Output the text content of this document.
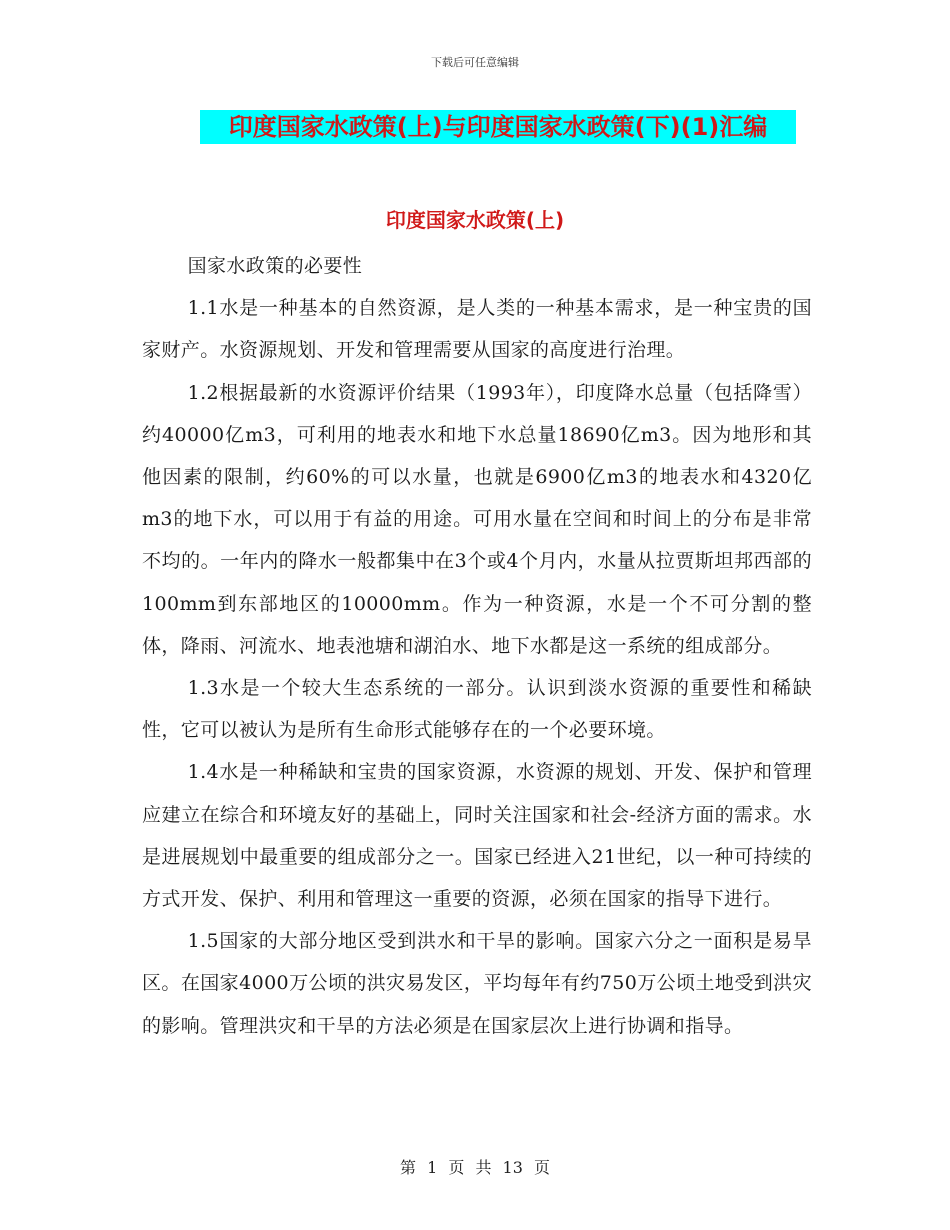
下载后可任意编辑
印度国家水政策(上)与印度国家水政策(下)(1)汇编
印度国家水政策(上)

国家水政策的必要性

1.1水是一种基本的自然资源，是人类的一种基本需求，是一种宝贵的国家财产。水资源规划、开发和管理需要从国家的高度进行治理。

1.2根据最新的水资源评价结果（1993年），印度降水总量（包括降雪）约40000亿m3，可利用的地表水和地下水总量18690亿m3。因为地形和其他因素的限制，约60%的可以水量，也就是6900亿m3的地表水和4320亿m3的地下水，可以用于有益的用途。可用水量在空间和时间上的分布是非常不均的。一年内的降水一般都集中在3个或4个月内，水量从拉贾斯坦邦西部的100mm到东部地区的10000mm。作为一种资源，水是一个不可分割的整体，降雨、河流水、地表池塘和湖泊水、地下水都是这一系统的组成部分。

1.3水是一个较大生态系统的一部分。认识到淡水资源的重要性和稀缺性，它可以被认为是所有生命形式能够存在的一个必要环境。

1.4水是一种稀缺和宝贵的国家资源，水资源的规划、开发、保护和管理应建立在综合和环境友好的基础上，同时关注国家和社会-经济方面的需求。水是进展规划中最重要的组成部分之一。国家已经进入21世纪，以一种可持续的方式开发、保护、利用和管理这一重要的资源，必须在国家的指导下进行。

1.5国家的大部分地区受到洪水和干旱的影响。国家六分之一面积是易旱区。在国家4000万公顷的洪灾易发区，平均每年有约750万公顷土地受到洪灾的影响。管理洪灾和干旱的方法必须是在国家层次上进行协调和指导。

第 1 页 共 13 页
